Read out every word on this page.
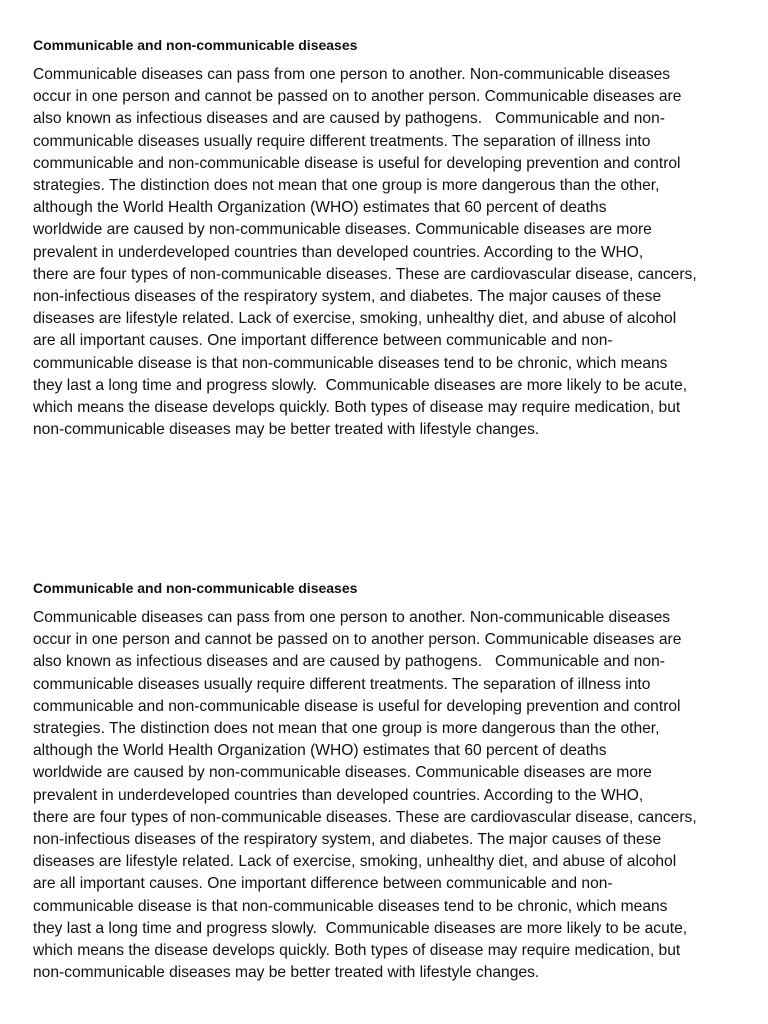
Communicable and non-communicable diseases

Communicable diseases can pass from one person to another. Non-communicable diseases
occur in one person and cannot be passed on to another person. Communicable diseases are
also known as infectious diseases and are caused by pathogens.   Communicable and non-
communicable diseases usually require different treatments. The separation of illness into
communicable and non-communicable disease is useful for developing prevention and control
strategies. The distinction does not mean that one group is more dangerous than the other,
although the World Health Organization (WHO) estimates that 60 percent of deaths
worldwide are caused by non-communicable diseases. Communicable diseases are more
prevalent in underdeveloped countries than developed countries. According to the WHO,
there are four types of non-communicable diseases. These are cardiovascular disease, cancers,
non-infectious diseases of the respiratory system, and diabetes. The major causes of these
diseases are lifestyle related. Lack of exercise, smoking, unhealthy diet, and abuse of alcohol
are all important causes. One important difference between communicable and non-
communicable disease is that non-communicable diseases tend to be chronic, which means
they last a long time and progress slowly.  Communicable diseases are more likely to be acute,
which means the disease develops quickly. Both types of disease may require medication, but
non-communicable diseases may be better treated with lifestyle changes.

Communicable and non-communicable diseases

Communicable diseases can pass from one person to another. Non-communicable diseases
occur in one person and cannot be passed on to another person. Communicable diseases are
also known as infectious diseases and are caused by pathogens.   Communicable and non-
communicable diseases usually require different treatments. The separation of illness into
communicable and non-communicable disease is useful for developing prevention and control
strategies. The distinction does not mean that one group is more dangerous than the other,
although the World Health Organization (WHO) estimates that 60 percent of deaths
worldwide are caused by non-communicable diseases. Communicable diseases are more
prevalent in underdeveloped countries than developed countries. According to the WHO,
there are four types of non-communicable diseases. These are cardiovascular disease, cancers,
non-infectious diseases of the respiratory system, and diabetes. The major causes of these
diseases are lifestyle related. Lack of exercise, smoking, unhealthy diet, and abuse of alcohol
are all important causes. One important difference between communicable and non-
communicable disease is that non-communicable diseases tend to be chronic, which means
they last a long time and progress slowly.  Communicable diseases are more likely to be acute,
which means the disease develops quickly. Both types of disease may require medication, but
non-communicable diseases may be better treated with lifestyle changes.
